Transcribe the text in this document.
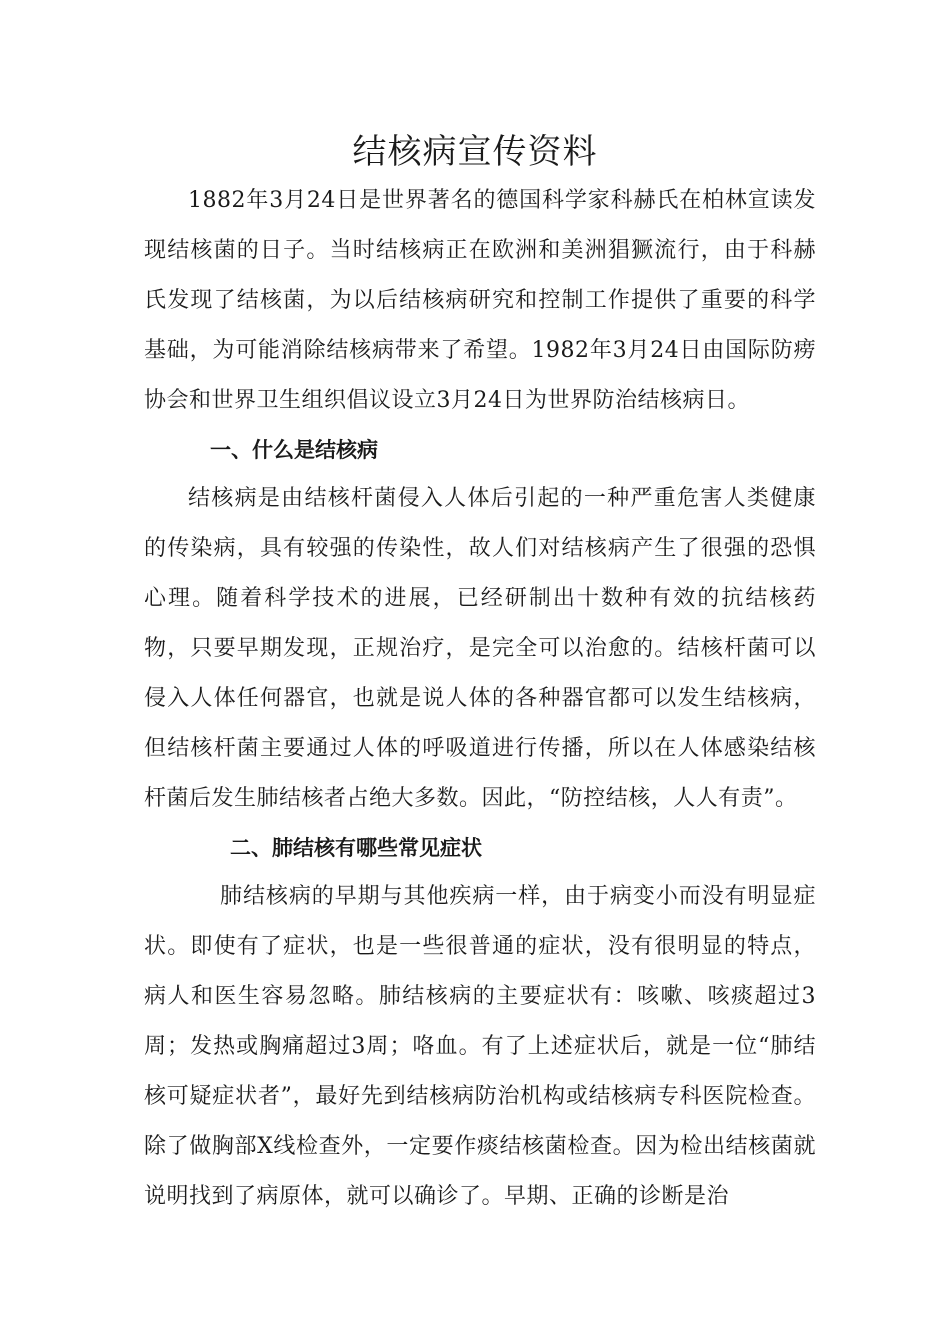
结核病宣传资料

1882年3月24日是世界著名的德国科学家科赫氏在柏林宣读发现结核菌的日子。当时结核病正在欧洲和美洲猖獗流行，由于科赫氏发现了结核菌，为以后结核病研究和控制工作提供了重要的科学基础，为可能消除结核病带来了希望。1982年3月24日由国际防痨协会和世界卫生组织倡议设立3月24日为世界防治结核病日。

一、什么是结核病

结核病是由结核杆菌侵入人体后引起的一种严重危害人类健康的传染病，具有较强的传染性，故人们对结核病产生了很强的恐惧心理。随着科学技术的进展，已经研制出十数种有效的抗结核药物，只要早期发现，正规治疗，是完全可以治愈的。结核杆菌可以侵入人体任何器官，也就是说人体的各种器官都可以发生结核病，但结核杆菌主要通过人体的呼吸道进行传播，所以在人体感染结核杆菌后发生肺结核者占绝大多数。因此，“防控结核，人人有责”。

二、肺结核有哪些常见症状

肺结核病的早期与其他疾病一样，由于病变小而没有明显症状。即使有了症状，也是一些很普通的症状，没有很明显的特点，病人和医生容易忽略。肺结核病的主要症状有：咳嗽、咳痰超过3周；发热或胸痛超过3周；咯血。有了上述症状后，就是一位“肺结核可疑症状者”，最好先到结核病防治机构或结核病专科医院检查。除了做胸部X线检查外，一定要作痰结核菌检查。因为检出结核菌就说明找到了病原体，就可以确诊了。早期、正确的诊断是治
